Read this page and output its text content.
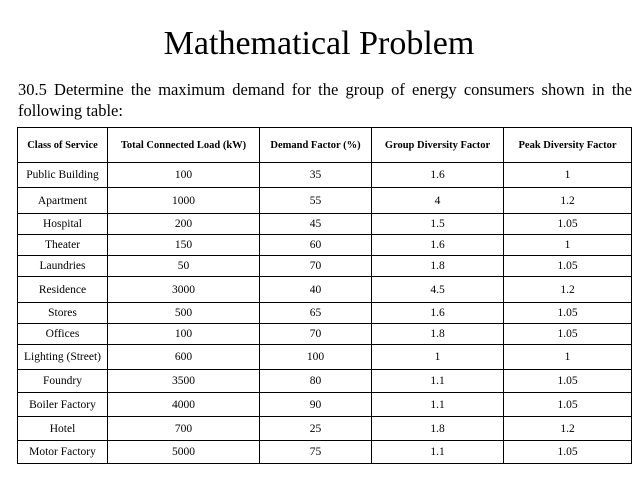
Mathematical Problem
30.5 Determine the maximum demand for the group of energy consumers shown in the following table:
Class of Service	Total Connected Load (kW)	Demand Factor (%)	Group Diversity Factor	Peak Diversity Factor
Public Building	100	35	1.6	1
Apartment	1000	55	4	1.2
Hospital	200	45	1.5	1.05
Theater	150	60	1.6	1
Laundries	50	70	1.8	1.05
Residence	3000	40	4.5	1.2
Stores	500	65	1.6	1.05
Offices	100	70	1.8	1.05
Lighting (Street)	600	100	1	1
Foundry	3500	80	1.1	1.05
Boiler Factory	4000	90	1.1	1.05
Hotel	700	25	1.8	1.2
Motor Factory	5000	75	1.1	1.05
